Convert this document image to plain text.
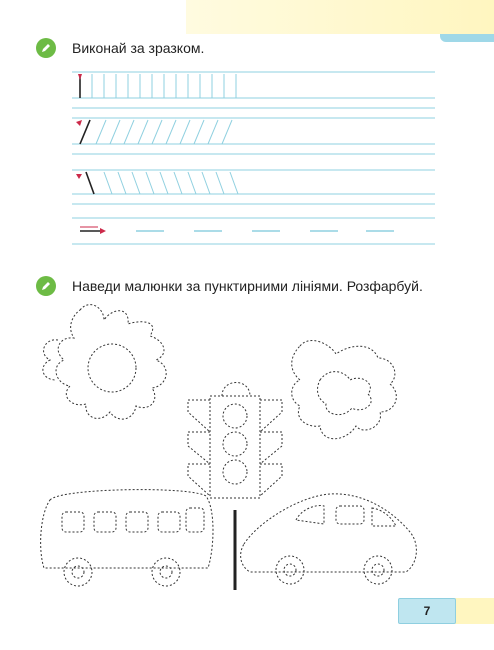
Виконай за зразком.
Наведи малюнки за пунктирними лініями. Розфарбуй.
7
